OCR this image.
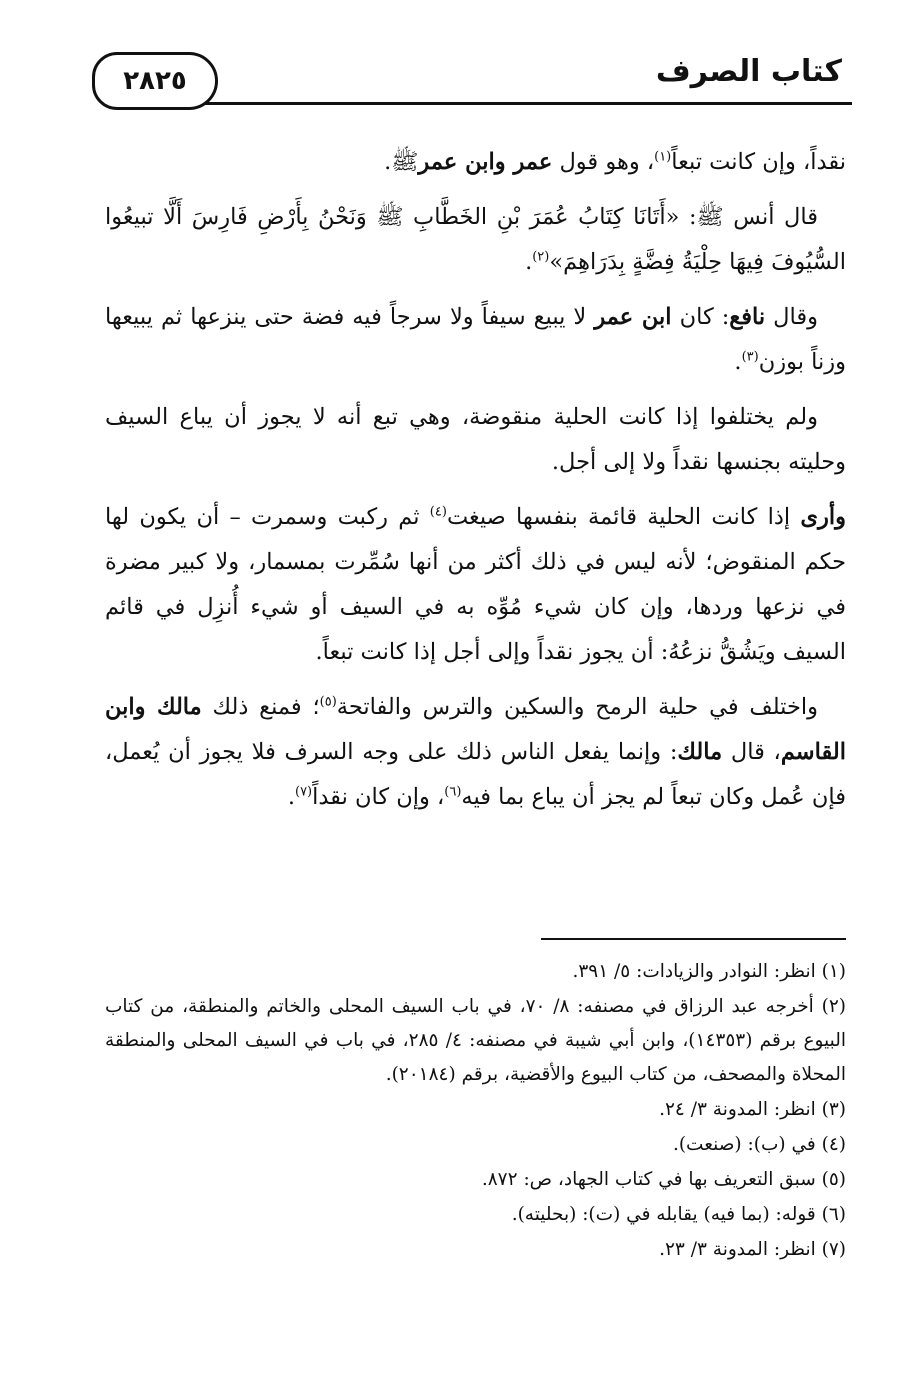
٢٨٢٥	كتاب الصرف

نقداً، وإن كانت تبعاً$^{(١)}$، وهو قول عمر وابن عمرﷺ.

قال أنس ﷺ: «أَتَانَا كِتَابُ عُمَرَ بْنِ الخَطَّابِ ﷺ وَنَحْنُ بِأَرْضِ فَارِسَ أَلَّا تبيعُوا السُّيُوفَ فِيهَا حِلْيَةُ فِضَّةٍ بِدَرَاهِمَ»$^{(٢)}$.

وقال نافع: كان ابن عمر لا يبيع سيفاً ولا سرجاً فيه فضة حتى ينزعها ثم يبيعها وزناً بوزن$^{(٣)}$.

ولم يختلفوا إذا كانت الحلية منقوضة، وهي تبع أنه لا يجوز أن يباع السيف وحليته بجنسها نقداً ولا إلى أجل.

وأرى إذا كانت الحلية قائمة بنفسها صيغت$^{(٤)}$ ثم ركبت وسمرت – أن يكون لها حكم المنقوض؛ لأنه ليس في ذلك أكثر من أنها سُمِّرت بمسمار، ولا كبير مضرة في نزعها وردها، وإن كان شيء مُوِّه به في السيف أو شيء أُنزِل في قائم السيف ويَشُقُّ نزعُهُ: أن يجوز نقداً وإلى أجل إذا كانت تبعاً.

واختلف في حلية الرمح والسكين والترس والفاتحة$^{(٥)}$؛ فمنع ذلك مالك وابن القاسم، قال مالك: وإنما يفعل الناس ذلك على وجه السرف فلا يجوز أن يُعمل، فإن عُمل وكان تبعاً لم يجز أن يباع بما فيه$^{(٦)}$، وإن كان نقداً$^{(٧)}$.

(١) انظر: النوادر والزيادات: ٥/ ٣٩١.

(٢) أخرجه عبد الرزاق في مصنفه: ٨/ ٧٠، في باب السيف المحلى والخاتم والمنطقة، من كتاب البيوع برقم (١٤٣٥٣)، وابن أبي شيبة في مصنفه: ٤/ ٢٨٥، في باب في السيف المحلى والمنطقة المحلاة والمصحف، من كتاب البيوع والأقضية، برقم (٢٠١٨٤).

(٣) انظر: المدونة ٣/ ٢٤.

(٤) في (ب): (صنعت).

(٥) سبق التعريف بها في كتاب الجهاد، ص: ٨٧٢.

(٦) قوله: (بما فيه) يقابله في (ت): (بحليته).

(٧) انظر: المدونة ٣/ ٢٣.
